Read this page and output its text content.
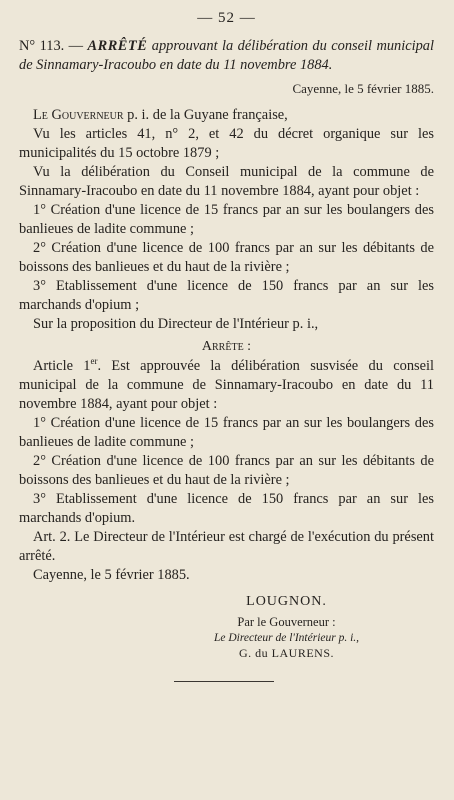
— 52 —

N° 113. — ARRÊTÉ approuvant la délibération du conseil municipal de Sinnamary-Iracoubo en date du 11 novembre 1884.

Cayenne, le 5 février 1885.

Le Gouverneur p. i. de la Guyane française,

Vu les articles 41, n° 2, et 42 du décret organique sur les municipalités du 15 octobre 1879 ;

Vu la délibération du Conseil municipal de la commune de Sinnamary-Iracoubo en date du 11 novembre 1884, ayant pour objet :

1° Création d'une licence de 15 francs par an sur les boulangers des banlieues de ladite commune ;

2° Création d'une licence de 100 francs par an sur les débitants de boissons des banlieues et du haut de la rivière ;

3° Etablissement d'une licence de 150 francs par an sur les marchands d'opium ;

Sur la proposition du Directeur de l'Intérieur p. i.,

Arrête :

Article 1er. Est approuvée la délibération susvisée du conseil municipal de la commune de Sinnamary-Iracoubo en date du 11 novembre 1884, ayant pour objet :

1° Création d'une licence de 15 francs par an sur les boulangers des banlieues de ladite commune ;

2° Création d'une licence de 100 francs par an sur les débitants de boissons des banlieues et du haut de la rivière ;

3° Etablissement d'une licence de 150 francs par an sur les marchands d'opium.

Art. 2. Le Directeur de l'Intérieur est chargé de l'exécution du présent arrêté.

Cayenne, le 5 février 1885.

LOUGNON.
Par le Gouverneur :
Le Directeur de l'Intérieur p. i.,
G. du LAURENS.
